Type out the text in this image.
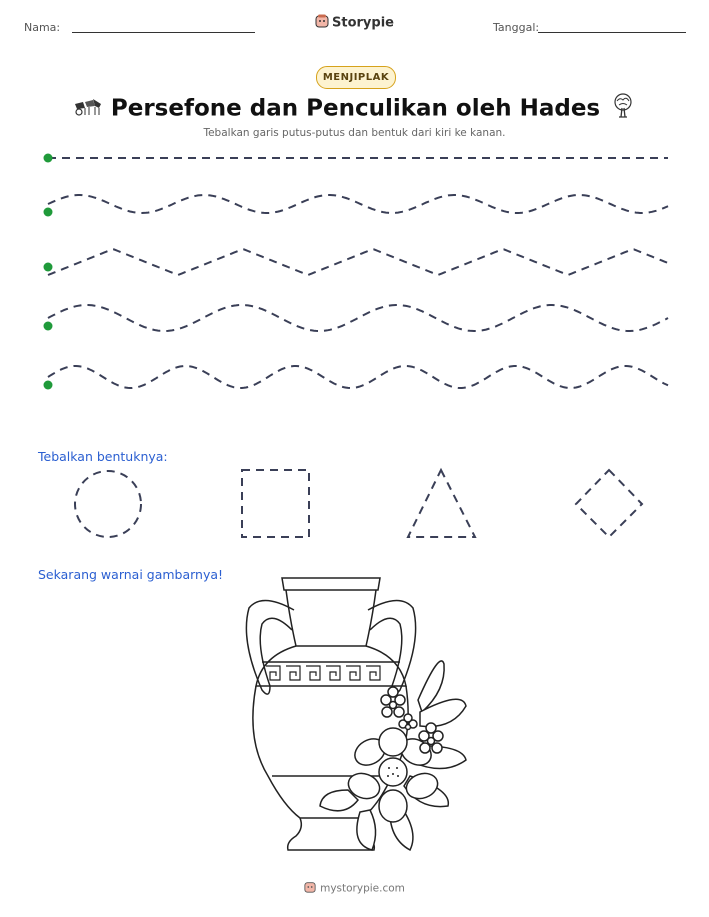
Nama:	Storypie	Tanggal:
MENJIPLAK
Persefone dan Penculikan oleh Hades
Tebalkan garis putus-putus dan bentuk dari kiri ke kanan.
Tebalkan bentuknya:
Sekarang warnai gambarnya!
mystorypie.com
